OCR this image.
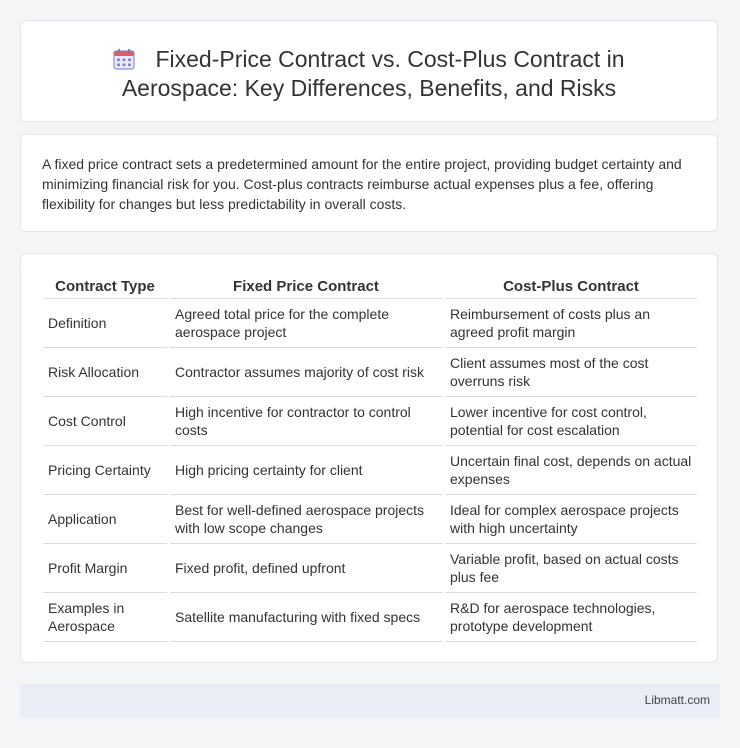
Fixed-Price Contract vs. Cost-Plus Contract in Aerospace: Key Differences, Benefits, and Risks

A fixed price contract sets a predetermined amount for the entire project, providing budget certainty and minimizing financial risk for you. Cost-plus contracts reimburse actual expenses plus a fee, offering flexibility for changes but less predictability in overall costs.

Contract Type	Fixed Price Contract	Cost-Plus Contract
Definition	Agreed total price for the complete aerospace project	Reimbursement of costs plus an agreed profit margin
Risk Allocation	Contractor assumes majority of cost risk	Client assumes most of the cost overruns risk
Cost Control	High incentive for contractor to control costs	Lower incentive for cost control, potential for cost escalation
Pricing Certainty	High pricing certainty for client	Uncertain final cost, depends on actual expenses
Application	Best for well-defined aerospace projects with low scope changes	Ideal for complex aerospace projects with high uncertainty
Profit Margin	Fixed profit, defined upfront	Variable profit, based on actual costs plus fee
Examples in Aerospace	Satellite manufacturing with fixed specs	R&D for aerospace technologies, prototype development
Libmatt.com
